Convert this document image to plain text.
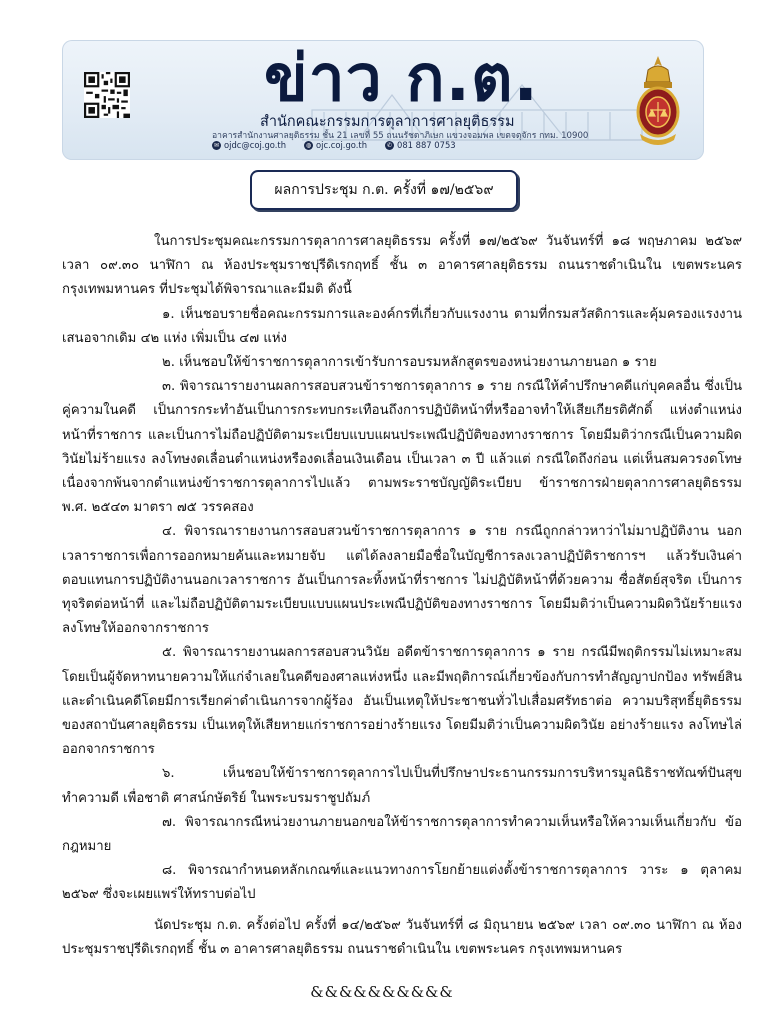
ข่าว ก.ต.
สำนักคณะกรรมการตุลาการศาลยุติธรรม
อาคารสำนักงานศาลยุติธรรม ชั้น 21 เลขที่ 55 ถนนรัชดาภิเษก แขวงจอมพล เขตจตุจักร กทม. 10900
✉ ojdc@coj.go.th	◍ ojc.coj.go.th	✆ 081 887 0753
ผลการประชุม ก.ต. ครั้งที่ ๑๗/๒๕๖๙

ในการประชุมคณะกรรมการตุลาการศาลยุติธรรม ครั้งที่ ๑๗/๒๕๖๙ วันจันทร์ที่ ๑๘ พฤษภาคม ๒๕๖๙ เวลา ๐๙.๓๐ นาฬิกา ณ ห้องประชุมราชปุรีดิเรกฤทธิ์ ชั้น ๓ อาคารศาลยุติธรรม ถนนราชดำเนินใน เขตพระนคร กรุงเทพมหานคร ที่ประชุมได้พิจารณาและมีมติ ดังนี้

๑. เห็นชอบรายชื่อคณะกรรมการและองค์กรที่เกี่ยวกับแรงงาน ตามที่กรมสวัสดิการและคุ้มครองแรงงาน เสนอจากเดิม ๔๒ แห่ง เพิ่มเป็น ๔๗ แห่ง

๒. เห็นชอบให้ข้าราชการตุลาการเข้ารับการอบรมหลักสูตรของหน่วยงานภายนอก ๑ ราย

๓. พิจารณารายงานผลการสอบสวนข้าราชการตุลาการ ๑ ราย กรณีให้คำปรึกษาคดีแก่บุคคลอื่น ซึ่งเป็นคู่ความในคดี เป็นการกระทำอันเป็นการกระทบกระเทือนถึงการปฏิบัติหน้าที่หรืออาจทำให้เสียเกียรติศักดิ์ แห่งตำแหน่งหน้าที่ราชการ และเป็นการไม่ถือปฏิบัติตามระเบียบแบบแผนประเพณีปฏิบัติของทางราชการ โดยมีมติว่ากรณีเป็นความผิดวินัยไม่ร้ายแรง ลงโทษงดเลื่อนตำแหน่งหรืองดเลื่อนเงินเดือน เป็นเวลา ๓ ปี แล้วแต่ กรณีใดถึงก่อน แต่เห็นสมควรงดโทษ เนื่องจากพ้นจากตำแหน่งข้าราชการตุลาการไปแล้ว ตามพระราชบัญญัติระเบียบ ข้าราชการฝ่ายตุลาการศาลยุติธรรม พ.ศ. ๒๕๔๓ มาตรา ๗๕ วรรคสอง

๔. พิจารณารายงานการสอบสวนข้าราชการตุลาการ ๑ ราย กรณีถูกกล่าวหาว่าไม่มาปฏิบัติงาน นอกเวลาราชการเพื่อการออกหมายค้นและหมายจับ แต่ได้ลงลายมือชื่อในบัญชีการลงเวลาปฏิบัติราชการฯ แล้วรับเงินค่าตอบแทนการปฏิบัติงานนอกเวลาราชการ อันเป็นการละทิ้งหน้าที่ราชการ ไม่ปฏิบัติหน้าที่ด้วยความ ซื่อสัตย์สุจริต เป็นการทุจริตต่อหน้าที่ และไม่ถือปฏิบัติตามระเบียบแบบแผนประเพณีปฏิบัติของทางราชการ โดยมีมติว่าเป็นความผิดวินัยร้ายแรง ลงโทษให้ออกจากราชการ

๕. พิจารณารายงานผลการสอบสวนวินัย อดีตข้าราชการตุลาการ ๑ ราย กรณีมีพฤติกรรมไม่เหมาะสม โดยเป็นผู้จัดหาทนายความให้แก่จำเลยในคดีของศาลแห่งหนึ่ง และมีพฤติการณ์เกี่ยวข้องกับการทำสัญญาปกป้อง ทรัพย์สินและดำเนินคดีโดยมีการเรียกค่าดำเนินการจากผู้ร้อง อันเป็นเหตุให้ประชาชนทั่วไปเสื่อมศรัทธาต่อ ความบริสุทธิ์ยุติธรรมของสถาบันศาลยุติธรรม เป็นเหตุให้เสียหายแก่ราชการอย่างร้ายแรง โดยมีมติว่าเป็นความผิดวินัย อย่างร้ายแรง ลงโทษไล่ออกจากราชการ

๖. เห็นชอบให้ข้าราชการตุลาการไปเป็นที่ปรึกษาประธานกรรมการบริหารมูลนิธิราชทัณฑ์ปันสุข ทำความดี เพื่อชาติ ศาสน์กษัตริย์ ในพระบรมราชูปถัมภ์

๗. พิจารณากรณีหน่วยงานภายนอกขอให้ข้าราชการตุลาการทำความเห็นหรือให้ความเห็นเกี่ยวกับ ข้อกฎหมาย

๘. พิจารณากำหนดหลักเกณฑ์และแนวทางการโยกย้ายแต่งตั้งข้าราชการตุลาการ วาระ ๑ ตุลาคม ๒๕๖๙ ซึ่งจะเผยแพร่ให้ทราบต่อไป

นัดประชุม ก.ต. ครั้งต่อไป ครั้งที่ ๑๔/๒๕๖๙ วันจันทร์ที่ ๘ มิถุนายน ๒๕๖๙ เวลา ๐๙.๓๐ นาฬิกา ณ ห้องประชุมราชปุรีดิเรกฤทธิ์ ชั้น ๓ อาคารศาลยุติธรรม ถนนราชดำเนินใน เขตพระนคร กรุงเทพมหานคร

&&&&&&&&&&
